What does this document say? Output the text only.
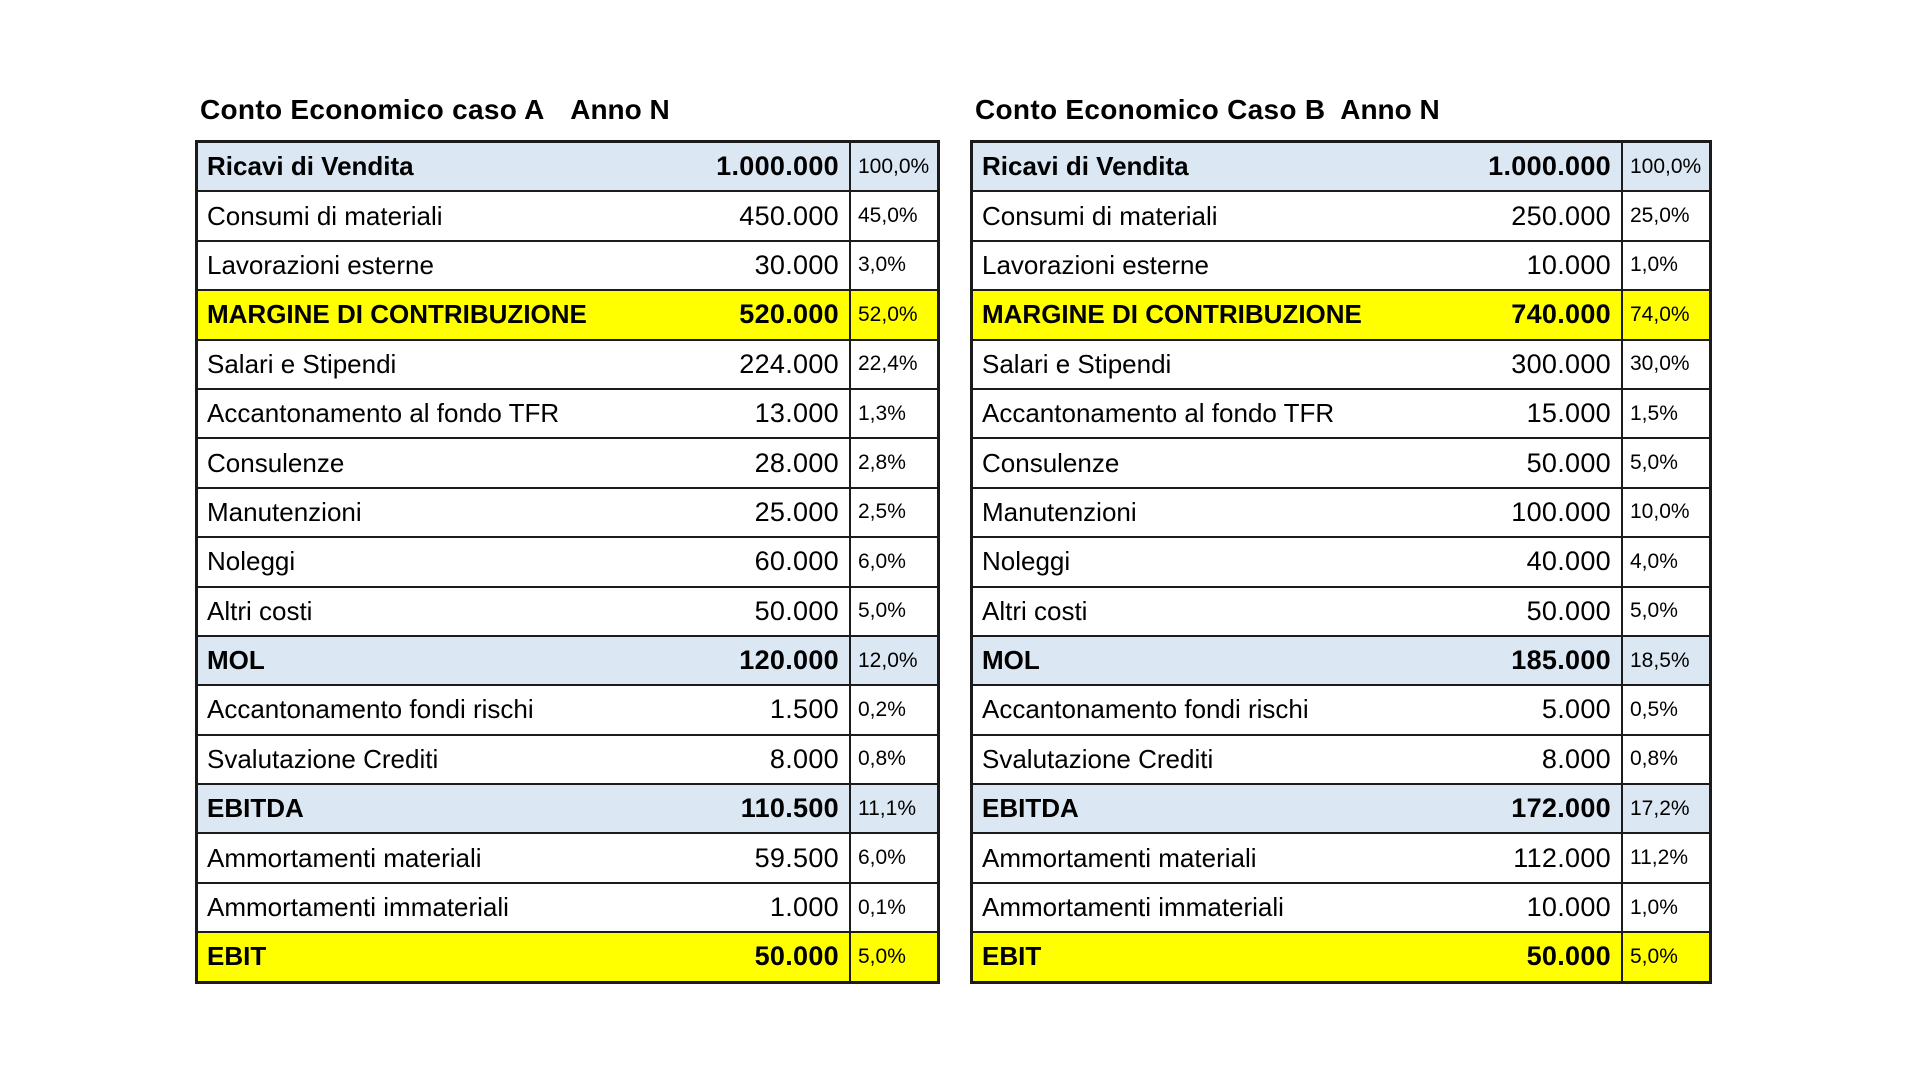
Conto Economico caso A Anno N
Ricavi di Vendita	1.000.000 100,0%
Consumi di materiali	450.000 45,0%
Lavorazioni esterne	30.000 3,0%
MARGINE DI CONTRIBUZIONE	520.000 52,0%
Salari e Stipendi	224.000 22,4%
Accantonamento al fondo TFR	13.000 1,3%
Consulenze	28.000 2,8%
Manutenzioni	25.000 2,5%
Noleggi	60.000 6,0%
Altri costi	50.000 5,0%
MOL	120.000 12,0%
Accantonamento fondi rischi	1.500 0,2%
Svalutazione Crediti	8.000 0,8%
EBITDA	110.500 11,1%
Ammortamenti materiali	59.500 6,0%
Ammortamenti immateriali	1.000 0,1%
EBIT	50.000 5,0%
Conto Economico Caso B Anno N
Ricavi di Vendita	1.000.000 100,0%
Consumi di materiali	250.000 25,0%
Lavorazioni esterne	10.000 1,0%
MARGINE DI CONTRIBUZIONE	740.000 74,0%
Salari e Stipendi	300.000 30,0%
Accantonamento al fondo TFR	15.000 1,5%
Consulenze	50.000 5,0%
Manutenzioni	100.000 10,0%
Noleggi	40.000 4,0%
Altri costi	50.000 5,0%
MOL	185.000 18,5%
Accantonamento fondi rischi	5.000 0,5%
Svalutazione Crediti	8.000 0,8%
EBITDA	172.000 17,2%
Ammortamenti materiali	112.000 11,2%
Ammortamenti immateriali	10.000 1,0%
EBIT	50.000 5,0%
